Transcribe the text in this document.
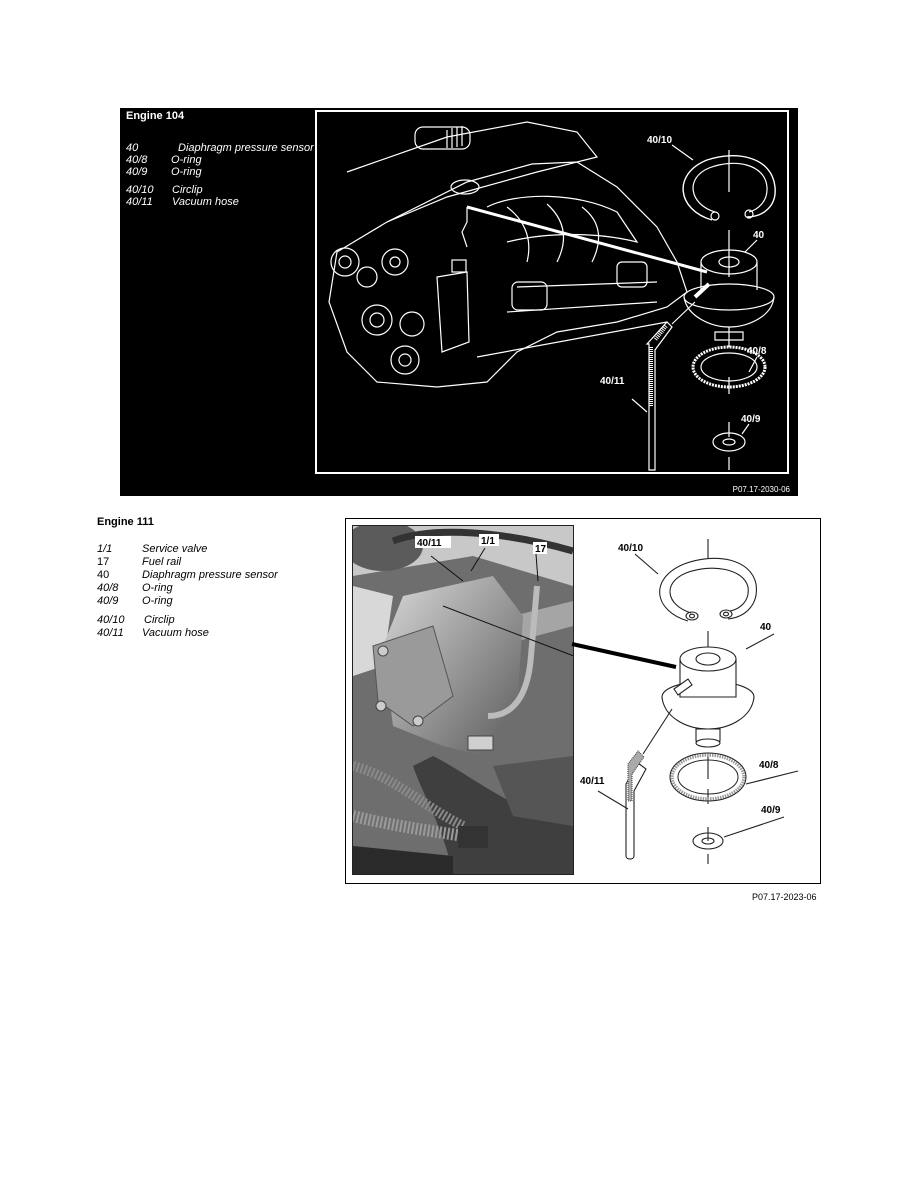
Engine 104
40	Diaphragm pressure sensor
40/8	O-ring
40/9	O-ring
40/10	Circlip
40/11	Vacuum hose
40/10
40
40/8
40/9
40/11
P07.17-2030-06
Engine 111
1/1	Service valve
17	Fuel rail
40	Diaphragm pressure sensor
40/8	O-ring
40/9	O-ring
40/10	Circlip
40/11	Vacuum hose
40/11	1/1
17	40/10
40
40/8
40/9
40/11
P07.17-2023-06
